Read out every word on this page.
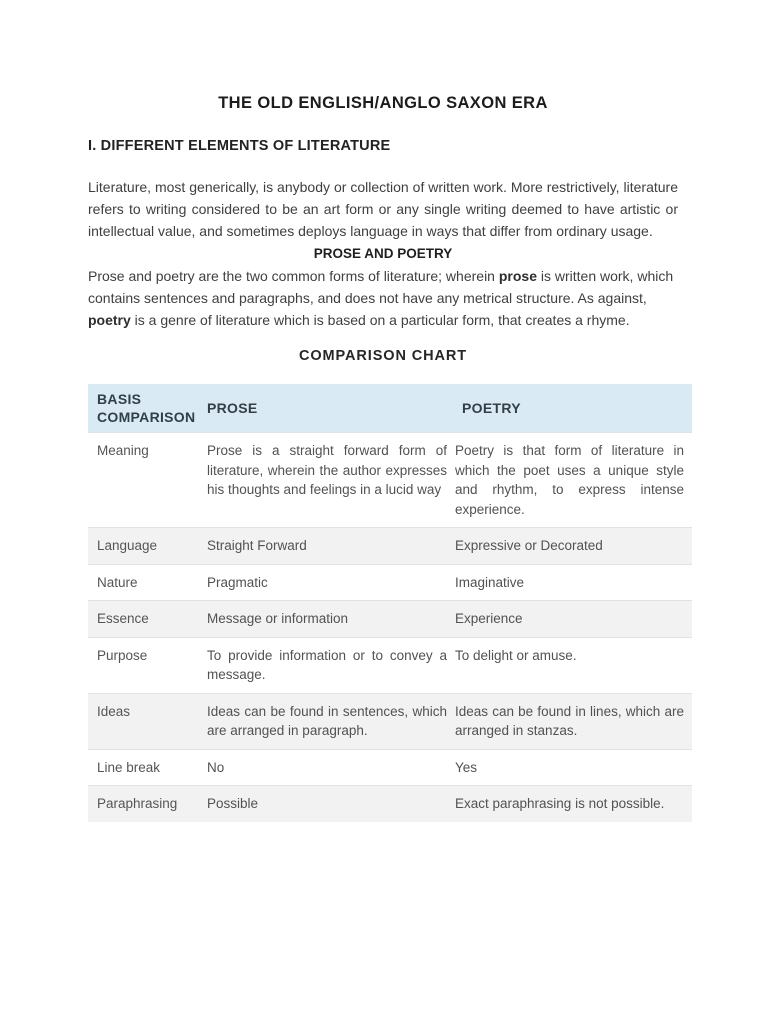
THE OLD ENGLISH/ANGLO SAXON ERA
I. DIFFERENT ELEMENTS OF LITERATURE

Literature, most generically, is anybody or collection of written work. More restrictively, literature refers to writing considered to be an art form or any single writing deemed to have artistic or intellectual value, and sometimes deploys language in ways that differ from ordinary usage.

PROSE AND POETRY

Prose and poetry are the two common forms of literature; wherein prose is written work, which contains sentences and paragraphs, and does not have any metrical structure. As against, poetry is a genre of literature which is based on a particular form, that creates a rhyme.

COMPARISON CHART
BASIS COMPARISON	PROSE	POETRY
Meaning	Prose is a straight forward form of literature, wherein the author expresses his thoughts and feelings in a lucid way	Poetry is that form of literature in which the poet uses a unique style and rhythm, to express intense experience.
Language	Straight Forward	Expressive or Decorated
Nature	Pragmatic	Imaginative
Essence	Message or information	Experience
Purpose	To provide information or to convey a message.	To delight or amuse.
Ideas	Ideas can be found in sentences, which are arranged in paragraph.	Ideas can be found in lines, which are arranged in stanzas.
Line break	No	Yes
Paraphrasing	Possible	Exact paraphrasing is not possible.
